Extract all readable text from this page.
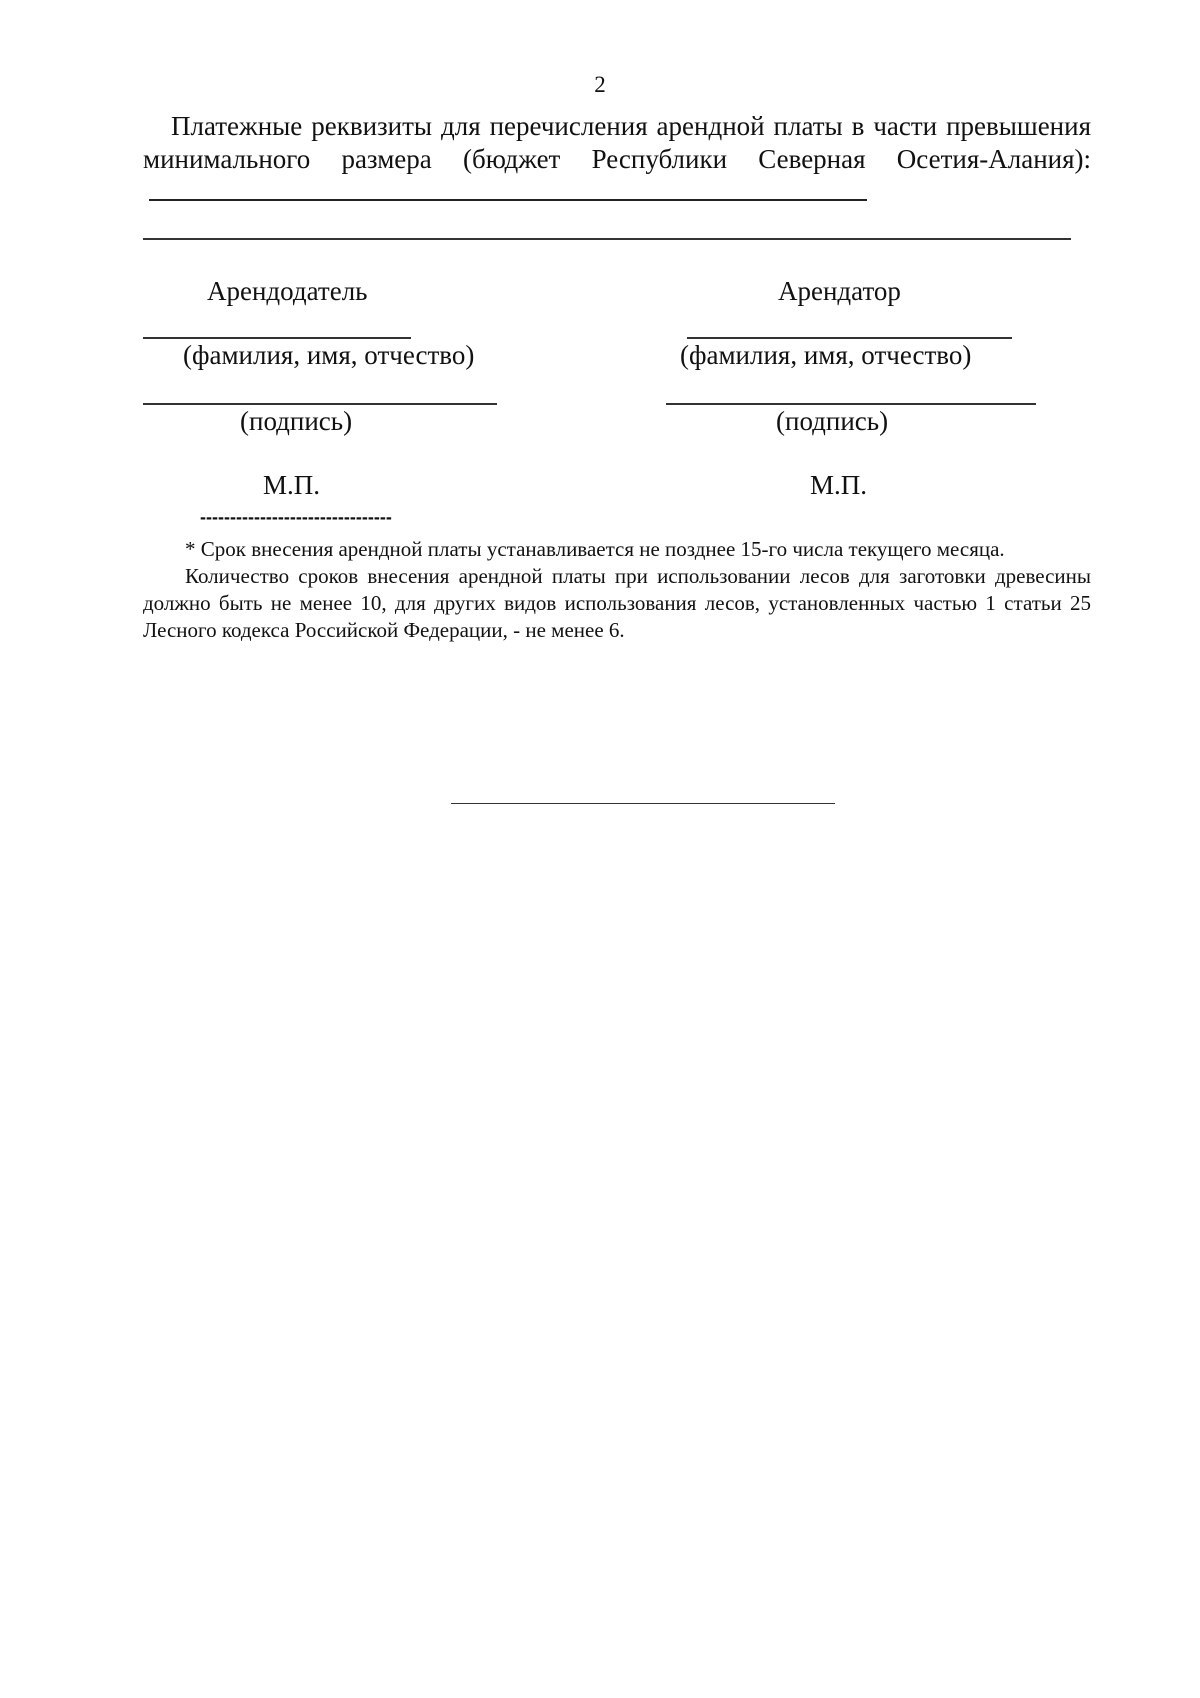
2
Платежные реквизиты для перечисления арендной платы в части превышения минимального размера (бюджет Республики Северная Осетия-Алания):
Арендодатель
(фамилия, имя, отчество)
(подпись)
М.П.
Арендатор
(фамилия, имя, отчество)
(подпись)
М.П.
--------------------------------

* Срок внесения арендной платы устанавливается не позднее 15-го числа текущего месяца.

Количество сроков внесения арендной платы при использовании лесов для заготовки древесины должно быть не менее 10, для других видов использования лесов, установленных частью 1 статьи 25 Лесного кодекса Российской Федерации, - не менее 6.
